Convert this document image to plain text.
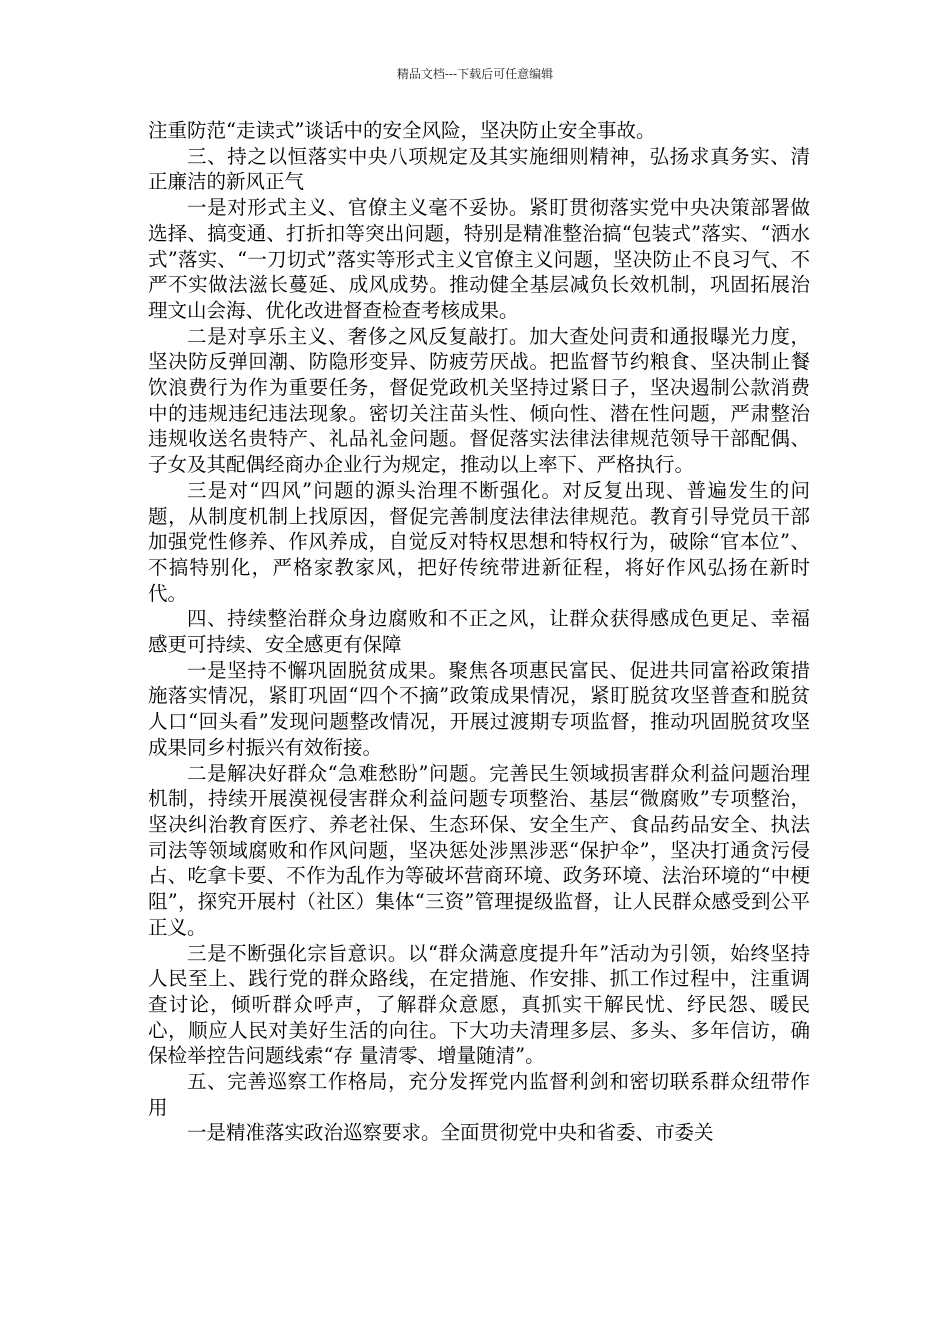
精品文档---下载后可任意编辑

注重防范“走读式”谈话中的安全风险，坚决防止安全事故。

三、持之以恒落实中央八项规定及其实施细则精神，弘扬求真务实、清正廉洁的新风正气

一是对形式主义、官僚主义毫不妥协。紧盯贯彻落实党中央决策部署做选择、搞变通、打折扣等突出问题，特别是精准整治搞“包装式”落实、“洒水式”落实、“一刀切式”落实等形式主义官僚主义问题，坚决防止不良习气、不严不实做法滋长蔓延、成风成势。推动健全基层减负长效机制，巩固拓展治理文山会海、优化改进督查检查考核成果。

二是对享乐主义、奢侈之风反复敲打。加大查处问责和通报曝光力度，坚决防反弹回潮、防隐形变异、防疲劳厌战。把监督节约粮食、坚决制止餐饮浪费行为作为重要任务，督促党政机关坚持过紧日子，坚决遏制公款消费中的违规违纪违法现象。密切关注苗头性、倾向性、潜在性问题，严肃整治违规收送名贵特产、礼品礼金问题。督促落实法律法律规范领导干部配偶、子女及其配偶经商办企业行为规定，推动以上率下、严格执行。

三是对“四风”问题的源头治理不断强化。对反复出现、普遍发生的问题，从制度机制上找原因，督促完善制度法律法律规范。教育引导党员干部加强党性修养、作风养成，自觉反对特权思想和特权行为，破除“官本位”、不搞特别化，严格家教家风，把好传统带进新征程，将好作风弘扬在新时代。

四、持续整治群众身边腐败和不正之风，让群众获得感成色更足、幸福感更可持续、安全感更有保障

一是坚持不懈巩固脱贫成果。聚焦各项惠民富民、促进共同富裕政策措施落实情况，紧盯巩固“四个不摘”政策成果情况，紧盯脱贫攻坚普查和脱贫人口“回头看”发现问题整改情况，开展过渡期专项监督，推动巩固脱贫攻坚成果同乡村振兴有效衔接。

二是解决好群众“急难愁盼”问题。完善民生领域损害群众利益问题治理机制，持续开展漠视侵害群众利益问题专项整治、基层“微腐败”专项整治，坚决纠治教育医疗、养老社保、生态环保、安全生产、食品药品安全、执法司法等领域腐败和作风问题，坚决惩处涉黑涉恶“保护伞”，坚决打通贪污侵占、吃拿卡要、不作为乱作为等破坏营商环境、政务环境、法治环境的“中梗阻”，探究开展村（社区）集体“三资”管理提级监督，让人民群众感受到公平正义。

三是不断强化宗旨意识。以“群众满意度提升年”活动为引领，始终坚持人民至上、践行党的群众路线，在定措施、作安排、抓工作过程中，注重调查讨论，倾听群众呼声，了解群众意愿，真抓实干解民忧、纾民怨、暖民心，顺应人民对美好生活的向往。下大功夫清理多层、多头、多年信访，确保检举控告问题线索“存 量清零、增量随清”。

五、完善巡察工作格局，充分发挥党内监督利剑和密切联系群众纽带作用

一是精准落实政治巡察要求。全面贯彻党中央和省委、市委关
